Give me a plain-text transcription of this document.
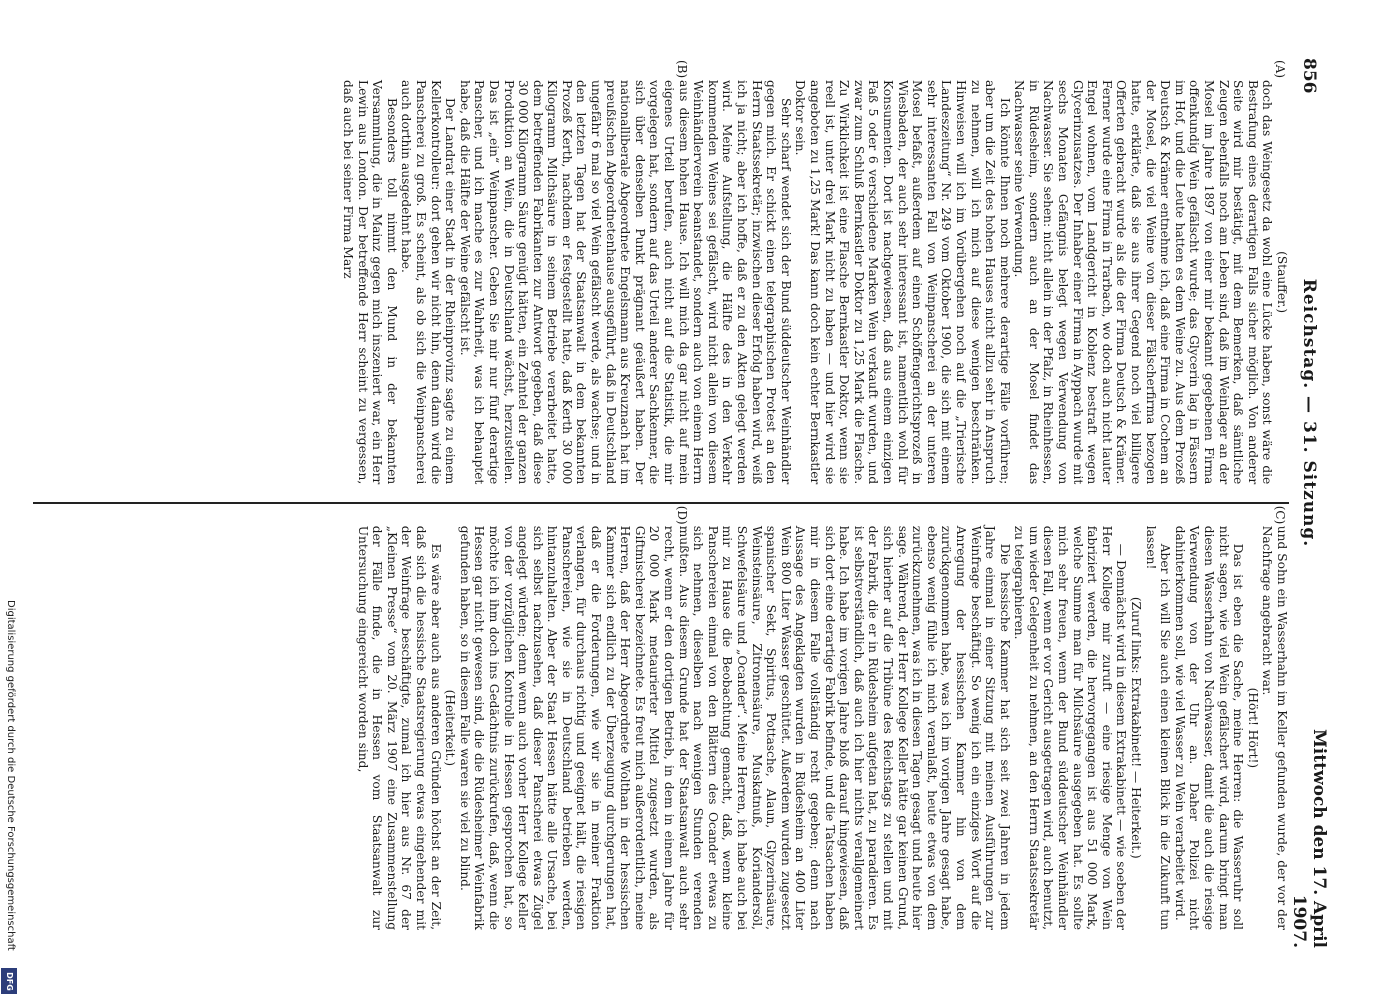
856
Reichstag. — 31. Sitzung.
Mittwoch den 17. April 1907.
(A)
(B)

(Stauffer.)

doch das Weingesetz da wohl eine Lücke haben, sonst wäre die Bestrafung eines derartigen Falls sicher möglich. Von anderer Seite wird mir bestätigt, mit dem Bemerken, daß sämtliche Zeugen ebenfalls noch am Leben sind, daß im Weinlager an der Mosel im Jahre 1897 von einer mir bekannt gegebenen Firma offenkundig Wein gefälscht wurde; das Glycerin lag in Fässern im Hof, und die Leute hatten es dem Weine zu. Aus dem Prozeß Deutsch & Krämer entnehme ich, daß eine Firma in Cochem an der Mosel, die viel Weine von dieser Fälscherfirma bezogen hatte, erklärte, daß sie aus ihrer Gegend noch viel billigere Offerten gebracht wurde als die der Firma Deutsch & Krämer. Ferner wurde eine Firma in Trarbach, wo doch auch nicht lauter Engel wohnen, vom Landgericht in Koblenz bestraft wegen Glycerinzusatzes. Der Inhaber einer Firma in Ayppach wurde mit sechs Monaten Gefängnis belegt wegen Verwendung von Nachwasser. Sie sehen: nicht allein in der Pfalz, in Rheinhessen, in Rüdesheim, sondern auch an der Mosel findet das Nachwasser seine Verwendung.

Ich könnte Ihnen noch mehrere derartige Fälle vorführen; aber um die Zeit des hohen Hauses nicht allzu sehr in Anspruch zu nehmen, will ich mich auf diese wenigen beschränken. Hinweisen will ich im Vorübergehen noch auf die „Trierische Landeszeitung“ Nr. 249 vom Oktober 1900, die sich mit einem sehr interessanten Fall von Weinpanscherei an der unteren Mosel befaßt, außerdem auf einen Schöffengerichtsprozeß in Wiesbaden, der auch sehr interessant ist, namentlich wohl für Konsumenten. Dort ist nachgewiesen, daß aus einem einzigen Faß 5 oder 6 verschiedene Marken Wein verkauft wurden, und zwar zum Schluß Bernkastler Doktor zu 1,25 Mark die Flasche. Zu Wirklichkeit ist eine Flasche Bernkastler Doktor, wenn sie reell ist, unter drei Mark nicht zu haben — und hier wird sie angeboten zu 1,25 Mark! Das kann doch kein echter Bernkastler Doktor sein.

Sehr scharf wendet sich der Bund süddeutscher Weinhändler gegen mich. Er schickt einen telegraphischen Protest an den Herrn Staatssekretär; inzwischen dieser Erfolg haben wird, weiß ich ja nicht; aber ich hoffe, daß er zu den Akten gelegt werden wird. Meine Aufstellung, die Hälfte des in den Verkehr kommenden Weines sei gefälscht, wird nicht allein von diesem Weinhändlerverein beanstandet, sondern auch von einem Herrn aus diesem hohen Hause. Ich will mich da gar nicht auf mein eigenes Urteil berufen, auch nicht auf die Statistik, die mir vorgelegen hat, sondern auf das Urteil anderer Sachkenner, die sich über denselben Punkt prägnant geäußert haben. Der nationalliberale Abgeordnete Engelsmann aus Kreuznach hat im preußischen Abgeordnetenhause ausgeführt, daß in Deutschland ungefähr 6 mal so viel Wein gefälscht werde, als wachse; und in den letzten Tagen hat der Staatsanwalt in dem bekannten Prozeß Kerth, nachdem er festgestellt hatte, daß Kerth 30 000 Kilogramm Milchsäure in seinem Betriebe verarbeitet hatte, dem betreffenden Fabrikanten zur Antwort gegeben, daß diese 30 000 Kilogramm Säure genügt hätten, ein Zehntel der ganzen Produktion an Wein, die in Deutschland wächst, herzustellen. Das ist „ein“ Weinpanscher. Geben Sie mir nur fünf derartige Panscher, und ich mache es zur Wahrheit, was ich behauptet habe, daß die Hälfte der Weine gefälscht ist.

Der Landrat einer Stadt in der Rheinprovinz sagte zu einem Kellerkontrolleur: dort gehen wir nicht hin, denn dann wird die Panscherei zu groß. Es scheint, als ob sich die Weinpanscherei auch dorthin ausgedehnt habe.

Besonders toll nimmt den Mund in der bekannten Versammlung, die in Mainz gegen mich inszeniert war, ein Herr Lewin aus London. Der betreffende Herr scheint zu vergessen, daß auch bei seiner Firma Marz

(C)
(D)

und Sohn ein Wasserhahn im Keller gefunden wurde, der vor der Nachfrage angebracht war.

(Hört! Hört!)

Das ist eben die Sache, meine Herren: die Wasseruhr soll nicht sagen, wie viel Wein gefälschert wird, darum bringt man diesen Wasserhahn von Nachwasser, damit die auch die riesige Verwendung von der Uhr an. Daher Polizei nicht dahinterkommen soll, wie viel Wasser zu Wein verarbeitet wird.

Aber ich will Sie auch einen kleinen Blick in die Zukunft tun lassen!

(Zuruf links: Extrakabinett! — Heiterkeit.)

— Demnächst wird in diesem Extrakabinett — wie soeben der Herr Kollege mir zuruft — eine riesige Menge von Wein fabriziert werden, die hervorgegangen ist aus 51 000 Mark, welche Summe man für Milchsäure ausgegeben hat. Es sollte mich sehr freuen, wenn der Bund süddeutscher Weinhändler diesen Fall, wenn er vor Gericht ausgetragen wird, auch benutzt, um wieder Gelegenheit zu nehmen, an den Herrn Staatssekretär zu telegraphieren.

Die hessische Kammer hat sich seit zwei Jahren in jedem Jahre einmal in einer Sitzung mit meinen Ausführungen zur Weinfrage beschäftigt. So wenig ich ein einziges Wort auf die Anregung der hessischen Kammer hin von dem zurückgenommen habe, was ich im vorigen Jahre gesagt habe, ebenso wenig fühle ich mich veranlaßt, heute etwas von dem zurückzunehmen, was ich in diesen Tagen gesagt und heute hier sage. Während, der Herr Kollege Keller hätte gar keinen Grund, sich hierher auf die Tribüne des Reichstags zu stellen und mit der Fabrik, die er in Rüdesheim aufgetan hat, zu paradieren. Es ist selbstverständlich, daß auch ich hier nichts verallgemeinert habe. Ich habe im vorigen Jahre bloß darauf hingewiesen, daß sich dort eine derartige Fabrik befinde, und die Tatsachen haben mir in diesem Falle vollständig recht gegeben; denn nach Aussage des Angeklagten wurden in Rüdesheim an 400 Liter Wein 800 Liter Wasser geschüttet. Außerdem wurden zugesetzt spanischer Sekt, Spiritus, Pottasche, Alaun, Glyzerinsäure, Weinsteinsäure, Zitronensäure, Muskatnuß, Koriandersöl, Schwefelsäure und „Ocander“. Meine Herren, ich habe auch bei mir zu Hause die Beobachtung gemacht, daß, wenn kleine Panschereien einmal von den Blättern des Ocander etwas zu sich nehmen, dieselben nach wenigen Stunden verenden mußten. Aus diesem Grunde hat der Staatsanwalt auch sehr recht, wenn er den dortigen Betrieb, in dem in einem Jahre für 20 000 Mark metaurierter Mittel zugesetzt wurden, als Giftmischerei bezeichnete. Es freut mich außerordentlich, meine Herren, daß der Herr Abgeordnete Wolthan in der hessischen Kammer sich endlich zu der Überzeugung durchgerungen hat, daß er die Forderungen, wie wir sie in meiner Fraktion verlangen, für durchaus richtig und geeignet hält, die riesigen Panschereien, wie sie in Deutschland betrieben werden, hintanzuhalten. Aber der Staat Hessen hätte alle Ursache, bei sich selbst nachzusehen, daß dieser Panscherei etwas Zügel angelegt würden; denn wenn auch vorher Herr Kollege Keller von der vorzüglichen Kontrolle in Hessen gesprochen hat, so möchte ich ihm doch ins Gedächtnis zurückrufen, daß, wenn die Hessen gar nicht gewesen sind, die die Rüdesheimer Weinfabrik gefunden haben, so in diesem Falle waren sie viel zu blind.

(Heiterkeit.)

Es wäre aber auch aus anderen Gründen höchst an der Zeit, daß sich die hessische Staatsregierung etwas eingehender mit der Weinfrage beschäftigte, zumal ich hier aus Nr. 67 der „Kleinen Presse“ vom 20. März 1907 eine Zusammenstellung der Fälle finde, die in Hessen vom Staatsanwalt zur Untersuchung eingereicht worden sind,

Digitalisierung gefördert durch die Deutsche Forschungsgemeinschaft
DFG
